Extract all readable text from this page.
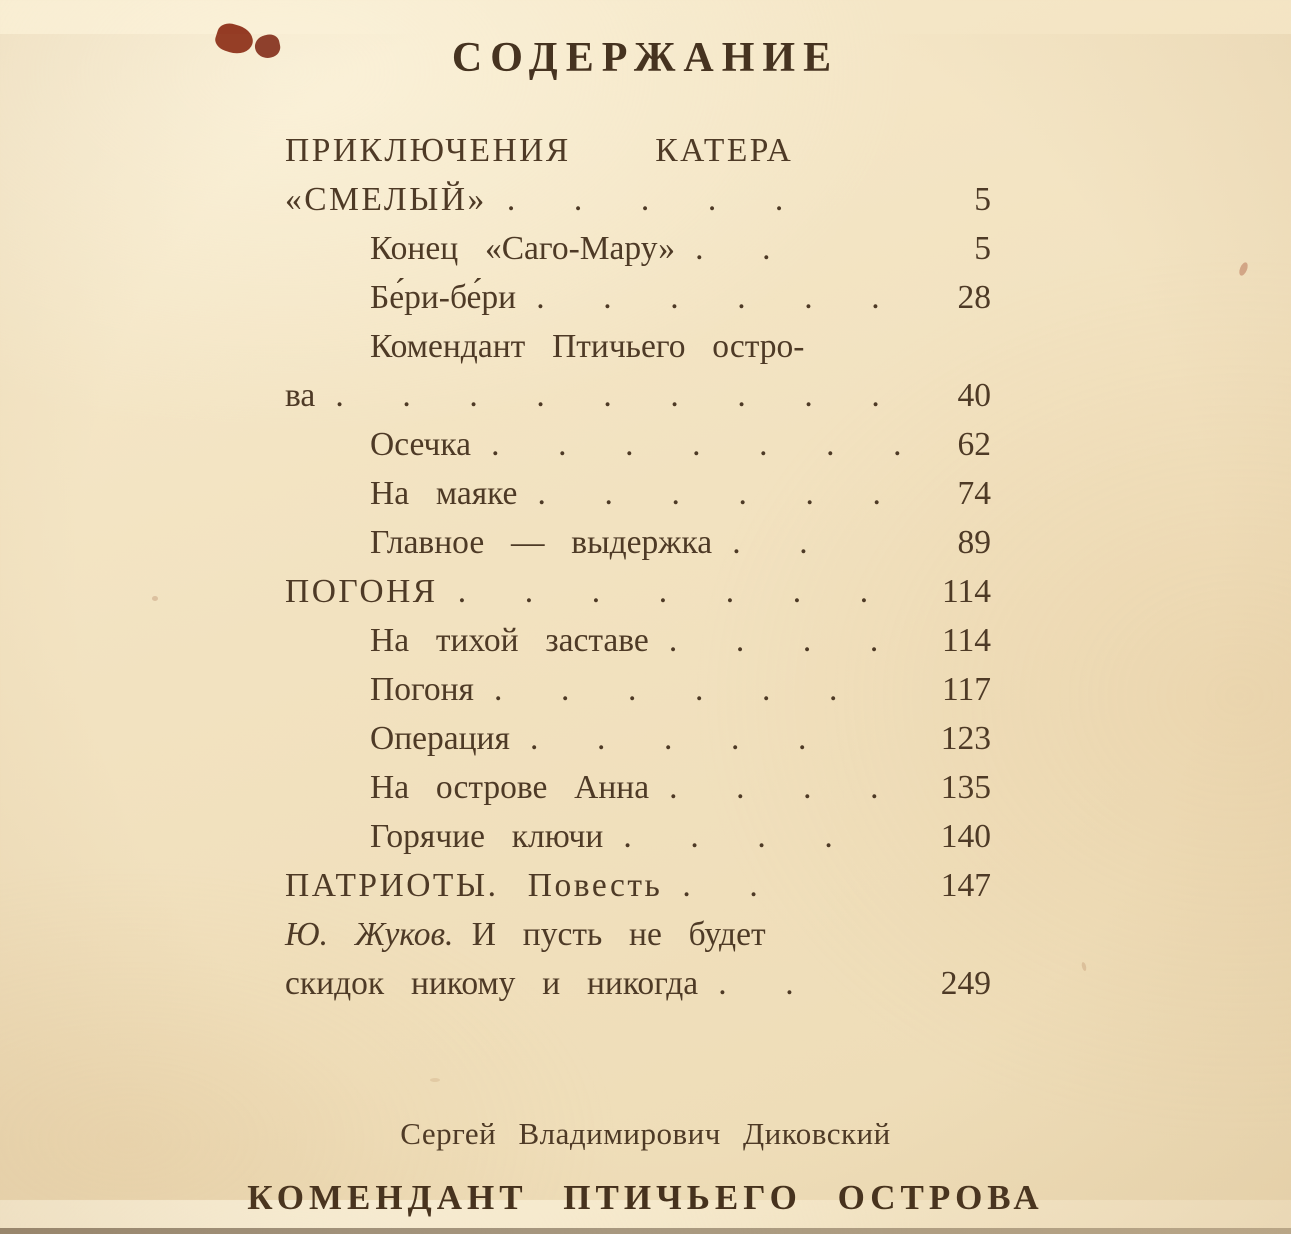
СОДЕРЖАНИЕ
ПРИКЛЮЧЕНИЯ КАТЕРА
«СМЕЛЫЙ» . . . . .	5
Конец «Саго-Мару» . .	5
Бе́ри-бе́ри . . . . . .	28
Комендант Птичьего остро-
ва . . . . . . . . .	40
Осечка . . . . . . .	62
На маяке . . . . . .	74
Главное — выдержка . .	89
ПОГОНЯ . . . . . . .	114
На тихой заставе . . . .	114
Погоня . . . . . .	117
Операция . . . . .	123
На острове Анна . . . .	135
Горячие ключи . . . .	140
ПАТРИОТЫ. Повесть . .	147
Ю. Жуков. И пусть не будет
скидок никому и никогда . .	249
Сергей Владимирович Диковский
КОМЕНДАНТ ПТИЧЬЕГО ОСТРОВА
